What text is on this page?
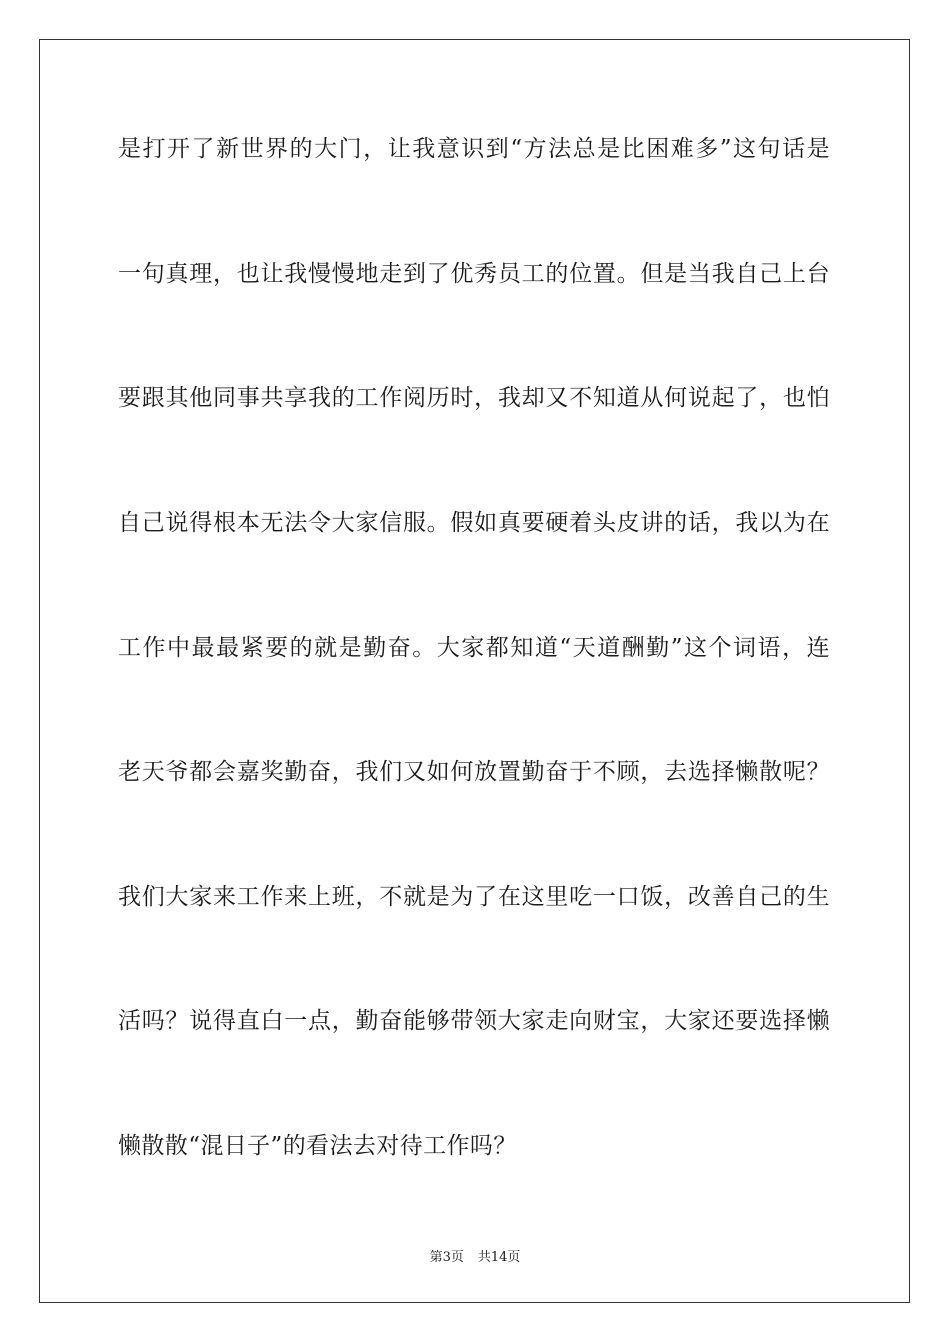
是打开了新世界的大门，让我意识到“方法总是比困难多”这句话是
一句真理，也让我慢慢地走到了优秀员工的位置。但是当我自己上台
要跟其他同事共享我的工作阅历时，我却又不知道从何说起了，也怕
自己说得根本无法令大家信服。假如真要硬着头皮讲的话，我以为在
工作中最最紧要的就是勤奋。大家都知道“天道酬勤”这个词语，连
老天爷都会嘉奖勤奋，我们又如何放置勤奋于不顾，去选择懒散呢？
我们大家来工作来上班，不就是为了在这里吃一口饭，改善自己的生
活吗？说得直白一点，勤奋能够带领大家走向财宝，大家还要选择懒
懒散散“混日子”的看法去对待工作吗？
第3页 共14页
